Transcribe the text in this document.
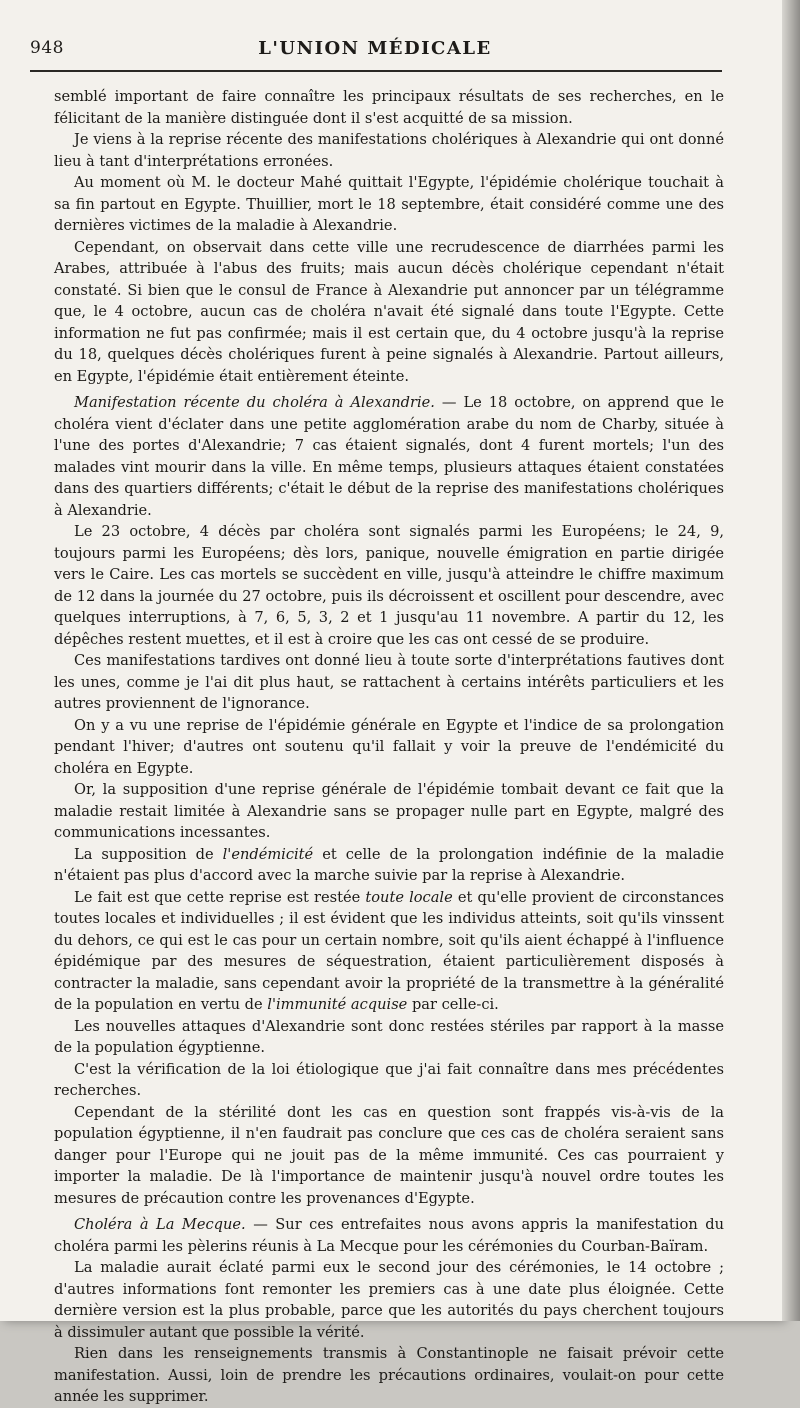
948	L'UNION MÉDICALE

semblé important de faire connaître les principaux résultats de ses recherches, en le félicitant de la manière distinguée dont il s'est acquitté de sa mission.

Je viens à la reprise récente des manifestations cholériques à Alexandrie qui ont donné lieu à tant d'interprétations erronées.

Au moment où M. le docteur Mahé quittait l'Egypte, l'épidémie cholérique touchait à sa fin partout en Egypte. Thuillier, mort le 18 septembre, était considéré comme une des dernières victimes de la maladie à Alexandrie.

Cependant, on observait dans cette ville une recrudescence de diarrhées parmi les Arabes, attribuée à l'abus des fruits; mais aucun décès cholérique cependant n'était constaté. Si bien que le consul de France à Alexandrie put annoncer par un télégramme que, le 4 octobre, aucun cas de choléra n'avait été signalé dans toute l'Egypte. Cette information ne fut pas confirmée; mais il est certain que, du 4 octobre jusqu'à la reprise du 18, quelques décès cholériques furent à peine signalés à Alexandrie. Partout ailleurs, en Egypte, l'épidémie était entièrement éteinte.

Manifestation récente du choléra à Alexandrie. — Le 18 octobre, on apprend que le choléra vient d'éclater dans une petite agglomération arabe du nom de Charby, située à l'une des portes d'Alexandrie; 7 cas étaient signalés, dont 4 furent mortels; l'un des malades vint mourir dans la ville. En même temps, plusieurs attaques étaient constatées dans des quartiers différents; c'était le début de la reprise des manifestations cholériques à Alexandrie.

Le 23 octobre, 4 décès par choléra sont signalés parmi les Européens; le 24, 9, toujours parmi les Européens; dès lors, panique, nouvelle émigration en partie dirigée vers le Caire. Les cas mortels se succèdent en ville, jusqu'à atteindre le chiffre maximum de 12 dans la journée du 27 octobre, puis ils décroissent et oscillent pour descendre, avec quelques interruptions, à 7, 6, 5, 3, 2 et 1 jusqu'au 11 novembre. A partir du 12, les dépêches restent muettes, et il est à croire que les cas ont cessé de se produire.

Ces manifestations tardives ont donné lieu à toute sorte d'interprétations fautives dont les unes, comme je l'ai dit plus haut, se rattachent à certains intérêts particuliers et les autres proviennent de l'ignorance.

On y a vu une reprise de l'épidémie générale en Egypte et l'indice de sa prolongation pendant l'hiver; d'autres ont soutenu qu'il fallait y voir la preuve de l'endémicité du choléra en Egypte.

Or, la supposition d'une reprise générale de l'épidémie tombait devant ce fait que la maladie restait limitée à Alexandrie sans se propager nulle part en Egypte, malgré des communications incessantes.

La supposition de l'endémicité et celle de la prolongation indéfinie de la maladie n'étaient pas plus d'accord avec la marche suivie par la reprise à Alexandrie.

Le fait est que cette reprise est restée toute locale et qu'elle provient de circonstances toutes locales et individuelles ; il est évident que les individus atteints, soit qu'ils vinssent du dehors, ce qui est le cas pour un certain nombre, soit qu'ils aient échappé à l'influence épidémique par des mesures de séquestration, étaient particulièrement disposés à contracter la maladie, sans cependant avoir la propriété de la transmettre à la généralité de la population en vertu de l'immunité acquise par celle-ci.

Les nouvelles attaques d'Alexandrie sont donc restées stériles par rapport à la masse de la population égyptienne.

C'est la vérification de la loi étiologique que j'ai fait connaître dans mes précédentes recherches.

Cependant de la stérilité dont les cas en question sont frappés vis-à-vis de la population égyptienne, il n'en faudrait pas conclure que ces cas de choléra seraient sans danger pour l'Europe qui ne jouit pas de la même immunité. Ces cas pourraient y importer la maladie. De là l'importance de maintenir jusqu'à nouvel ordre toutes les mesures de précaution contre les provenances d'Egypte.

Choléra à La Mecque. — Sur ces entrefaites nous avons appris la manifestation du choléra parmi les pèlerins réunis à La Mecque pour les cérémonies du Courban-Baïram.

La maladie aurait éclaté parmi eux le second jour des cérémonies, le 14 octobre ; d'autres informations font remonter les premiers cas à une date plus éloignée. Cette dernière version est la plus probable, parce que les autorités du pays cherchent toujours à dissimuler autant que possible la vérité.

Rien dans les renseignements transmis à Constantinople ne faisait prévoir cette manifestation. Aussi, loin de prendre les précautions ordinaires, voulait-on pour cette année les supprimer.
